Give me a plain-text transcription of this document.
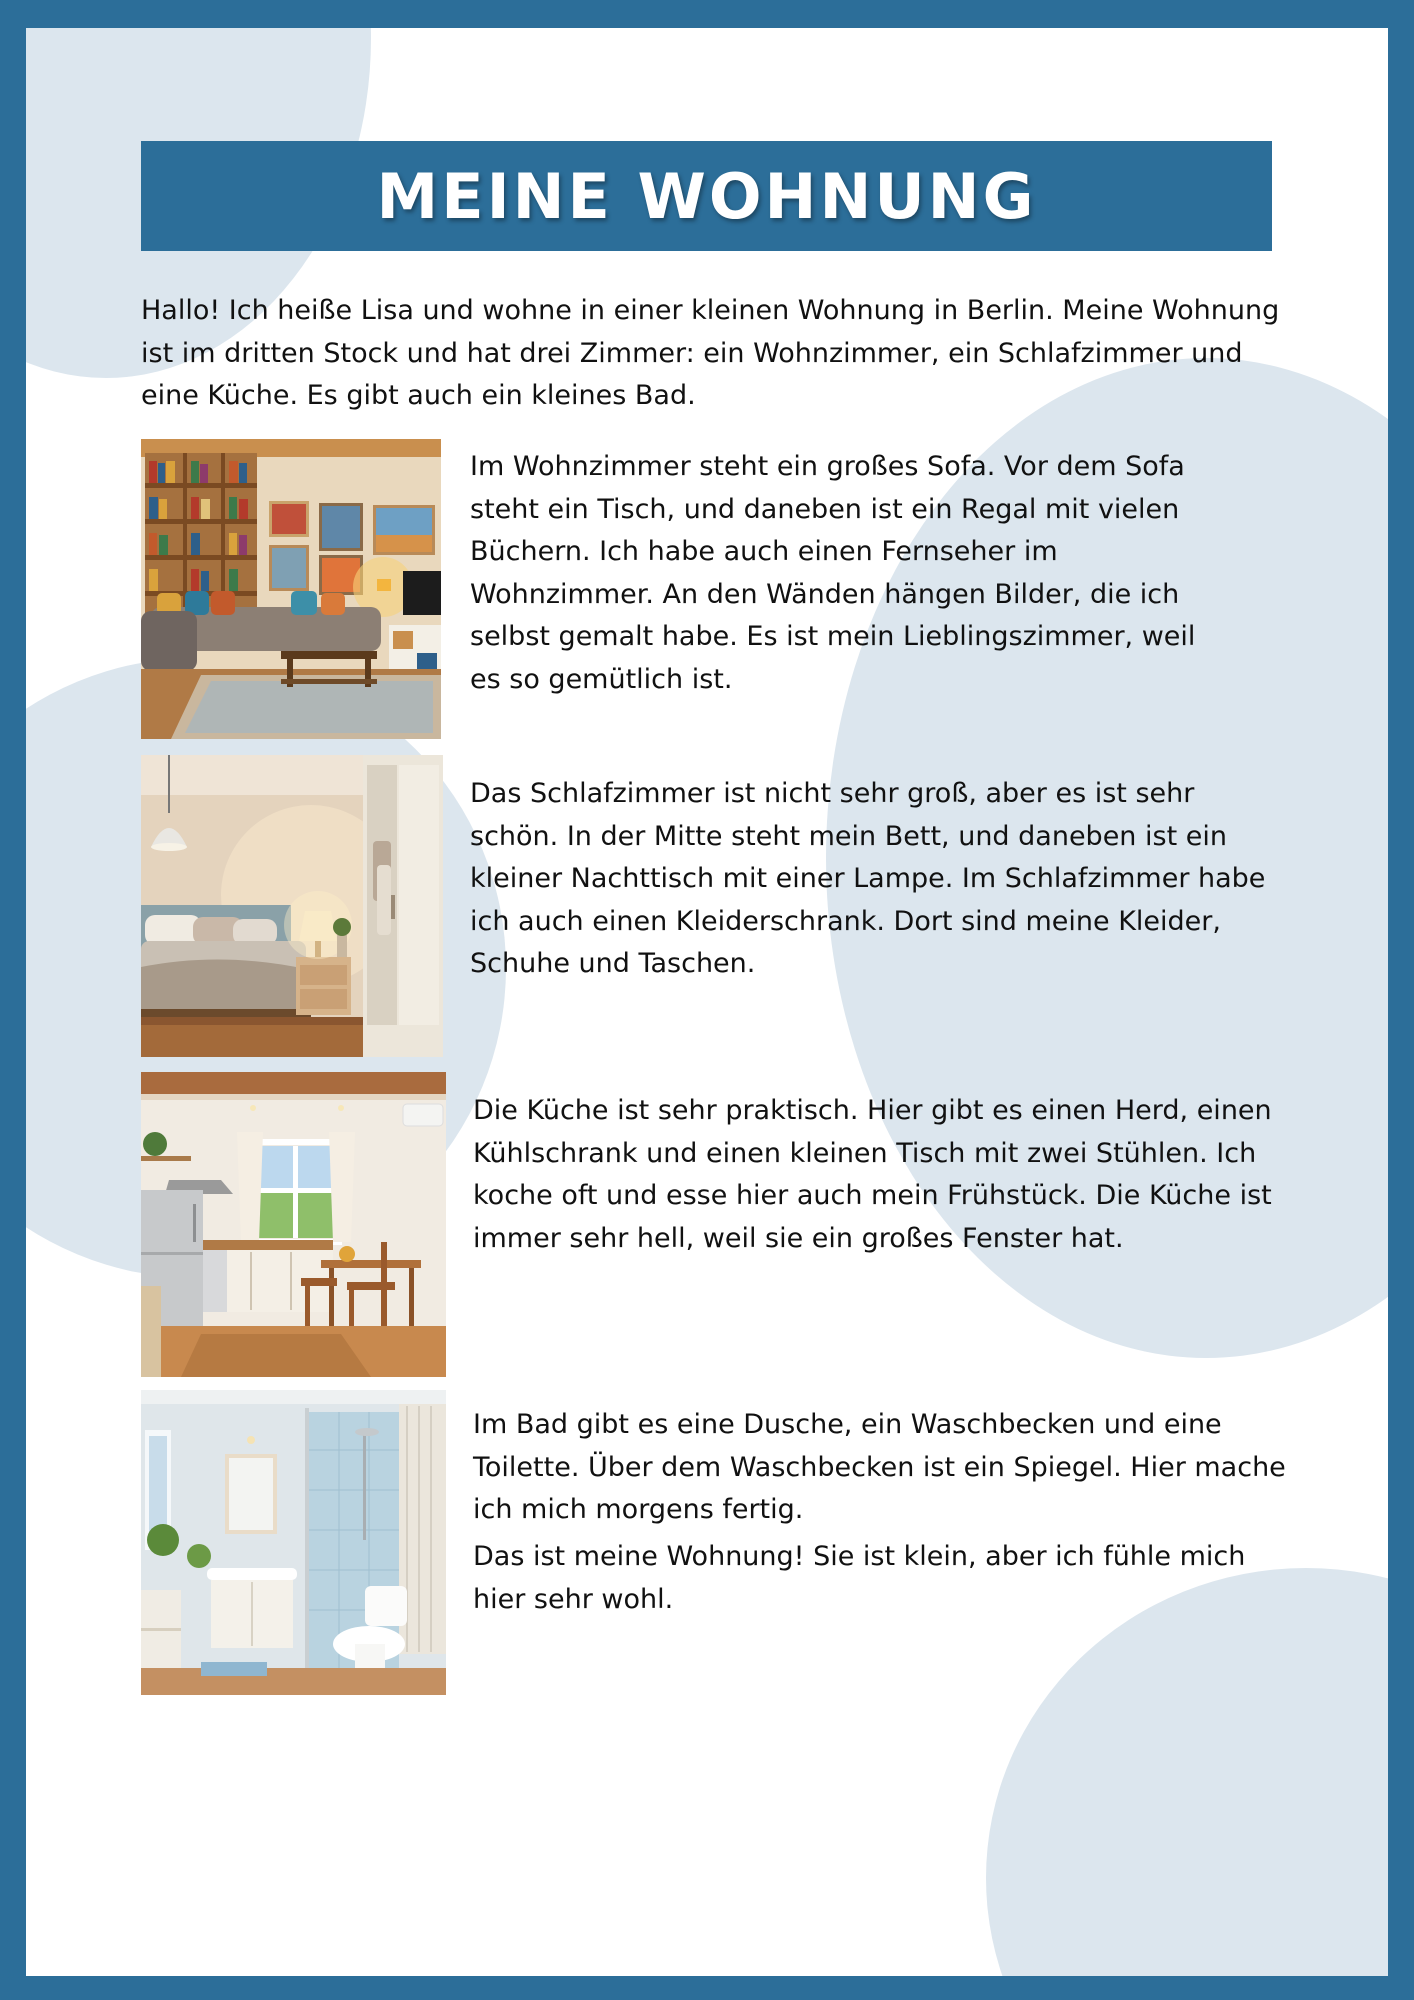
MEINE WOHNUNG

Hallo! Ich heiße Lisa und wohne in einer kleinen Wohnung in Berlin. Meine Wohnung ist im dritten Stock und hat drei Zimmer: ein Wohnzimmer, ein Schlafzimmer und eine Küche. Es gibt auch ein kleines Bad.

Im Wohnzimmer steht ein großes Sofa. Vor dem Sofa steht ein Tisch, und daneben ist ein Regal mit vielen Büchern. Ich habe auch einen Fernseher im Wohnzimmer. An den Wänden hängen Bilder, die ich selbst gemalt habe. Es ist mein Lieblingszimmer, weil es so gemütlich ist.

Das Schlafzimmer ist nicht sehr groß, aber es ist sehr schön. In der Mitte steht mein Bett, und daneben ist ein kleiner Nachttisch mit einer Lampe. Im Schlafzimmer habe ich auch einen Kleiderschrank. Dort sind meine Kleider, Schuhe und Taschen.

Die Küche ist sehr praktisch. Hier gibt es einen Herd, einen Kühlschrank und einen kleinen Tisch mit zwei Stühlen. Ich koche oft und esse hier auch mein Frühstück. Die Küche ist immer sehr hell, weil sie ein großes Fenster hat.

Im Bad gibt es eine Dusche, ein Waschbecken und eine Toilette. Über dem Waschbecken ist ein Spiegel. Hier mache ich mich morgens fertig.

Das ist meine Wohnung! Sie ist klein, aber ich fühle mich hier sehr wohl.
